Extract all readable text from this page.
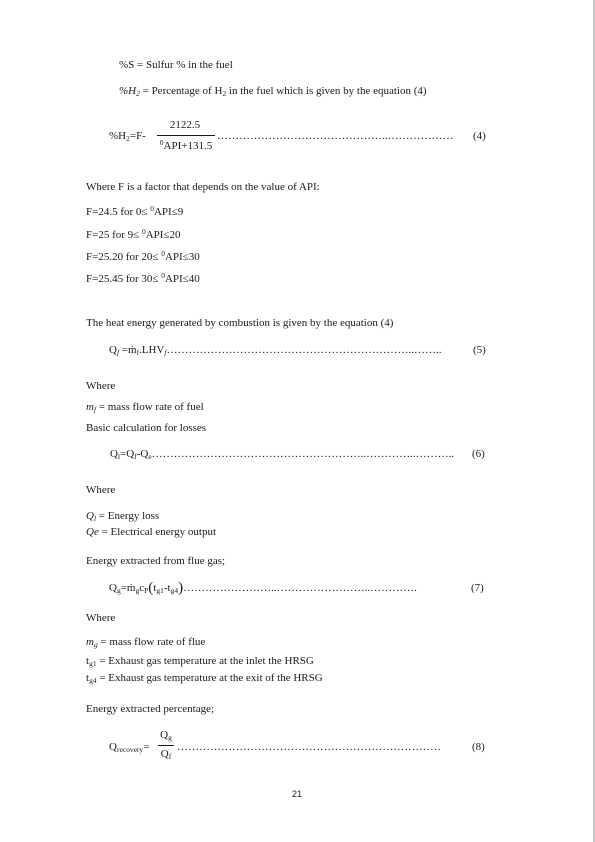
%S = Sulfur % in the fuel
$\%H_2$ = Percentage of $H_2$ in the fuel which is given by the equation (4)
$\%H_2=F-$
2122.5
$^0$API+131.5
………………………………………..……………… (4)
Where F is a factor that depends on the value of API:
F=24.5 for 0≤ $^0$API≤9
F=25 for 9≤ $^0$API≤20
F=25.20 for 20≤ $^0$API≤30
F=25.45 for 30≤ $^0$API≤40
The heat energy generated by combustion is given by the equation (4)
$Q_f$ $=ṁ_f.LHV_f\dots\dots\dots\dots\dots\dots\dots\dots\dots\dots\dots\dots\dots\dots\dots\dots\dots\dots\dots\dots\dots\dots..\dots\dots$..	(5)
Where
$m_f$ = mass flow rate of fuel
Basic calculation for losses
$Q_l=Q_f-Q_e\dots\dots\dots\dots\dots\dots\dots\dots\dots\dots\dots\dots\dots\dots\dots\dots\dots\dots\dots..\dots\dots\dots\dots..\dots\dots\dots$.. (6)
Where
$Q_l$ = Energy loss
Qe = Electrical energy output
Energy extracted from flue gas;
$Q_g=ṁ_gc_P(t_{g1}-t_{g4})\dots\dots\dots\dots\dots\dots\dots\dots..\dots\dots\dots\dots\dots\dots\dots\dots..\dots\dots\dots\dots$.	(7)
Where
$m_g$ = mass flow rate of flue
$t_{g1}$ = Exhaust gas temperature at the inlet the HRSG
$t_{g4}$ = Exhaust gas temperature at the exit of the HRSG
Energy extracted percentage;
$Q_{recovery}=$
$Q_g$
$Q_f$
………………………………………………………………	(8)
21
